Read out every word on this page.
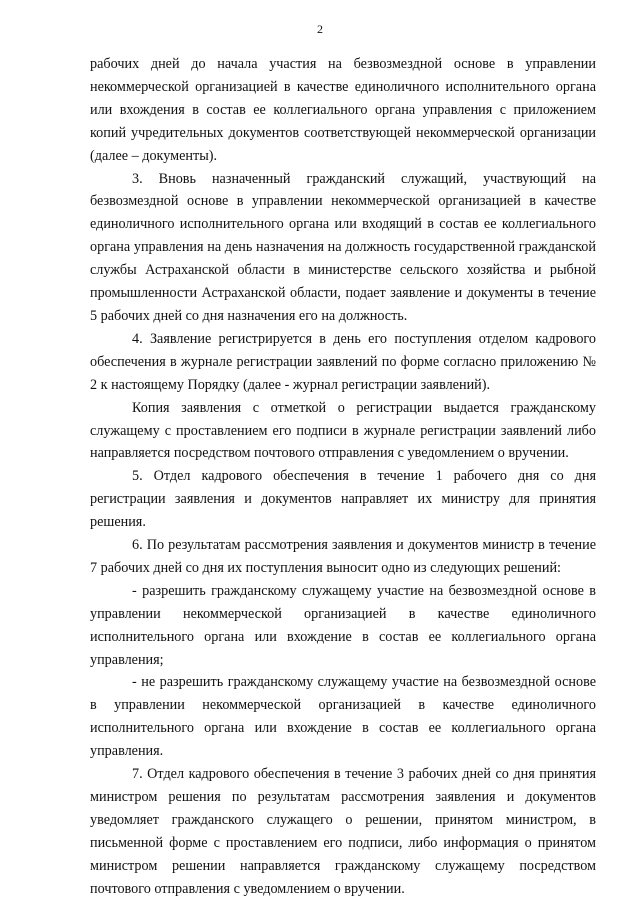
2

рабочих дней до начала участия на безвозмездной основе в управлении некоммерческой организацией в качестве единоличного исполнительного органа или вхождения в состав ее коллегиального органа управления с приложением копий учредительных документов соответствующей некоммерческой организации (далее – документы).

3. Вновь назначенный гражданский служащий, участвующий на безвозмездной основе в управлении некоммерческой организацией в качестве единоличного исполнительного органа или входящий в состав ее коллегиального органа управления на день назначения на должность государственной гражданской службы Астраханской области в министерстве сельского хозяйства и рыбной промышленности Астраханской области, подает заявление и документы в течение 5 рабочих дней со дня назначения его на должность.

4. Заявление регистрируется в день его поступления отделом кадрового обеспечения в журнале регистрации заявлений по форме согласно приложению № 2 к настоящему Порядку (далее - журнал регистрации заявлений).

Копия заявления с отметкой о регистрации выдается гражданскому служащему с проставлением его подписи в журнале регистрации заявлений либо направляется посредством почтового отправления с уведомлением о вручении.

5. Отдел кадрового обеспечения в течение 1 рабочего дня со дня регистрации заявления и документов направляет их министру для принятия решения.

6. По результатам рассмотрения заявления и документов министр в течение 7 рабочих дней со дня их поступления выносит одно из следующих решений:

- разрешить гражданскому служащему участие на безвозмездной основе в управлении некоммерческой организацией в качестве единоличного исполнительного органа или вхождение в состав ее коллегиального органа управления;

- не разрешить гражданскому служащему участие на безвозмездной основе в управлении некоммерческой организацией в качестве единоличного исполнительного органа или вхождение в состав ее коллегиального органа управления.

7. Отдел кадрового обеспечения в течение 3 рабочих дней со дня принятия министром решения по результатам рассмотрения заявления и документов уведомляет гражданского служащего о решении, принятом министром, в письменной форме с проставлением его подписи, либо информация о принятом министром решении направляется гражданскому служащему посредством почтового отправления с уведомлением о вручении.
